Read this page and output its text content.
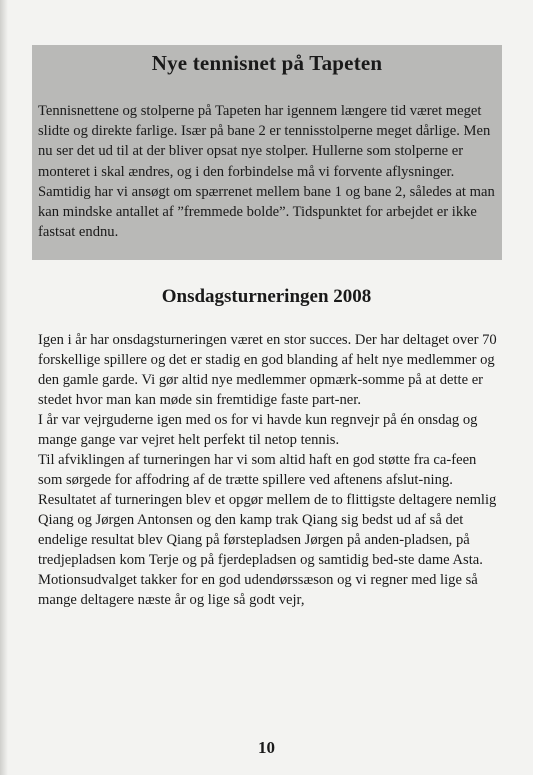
Nye tennisnet på Tapeten
Tennisnettene og stolperne på Tapeten har igennem længere tid været meget slidte og direkte farlige. Især på bane 2 er tennisstolperne meget dårlige. Men nu ser det ud til at der bliver opsat nye stolper. Hullerne som stolperne er monteret i skal ændres, og i den forbindelse må vi forvente aflysninger. Samtidig har vi ansøgt om spærrenet mellem bane 1 og bane 2, således at man kan mindske antallet af ”fremmede bolde”. Tidspunktet for arbejdet er ikke fastsat endnu.
Onsdagsturneringen 2008

Igen i år har onsdagsturneringen været en stor succes. Der har deltaget over 70 forskellige spillere og det er stadig en god blanding af helt nye medlemmer og den gamle garde. Vi gør altid nye medlemmer opmærk-somme på at dette er stedet hvor man kan møde sin fremtidige faste part-ner.

I år var vejrguderne igen med os for vi havde kun regnvejr på én onsdag og mange gange var vejret helt perfekt til netop tennis.

Til afviklingen af turneringen har vi som altid haft en god støtte fra ca-feen som sørgede for affodring af de trætte spillere ved aftenens afslut-ning.

Resultatet af turneringen blev et opgør mellem de to flittigste deltagere nemlig Qiang og Jørgen Antonsen og den kamp trak Qiang sig bedst ud af så det endelige resultat blev Qiang på førstepladsen Jørgen på anden-pladsen, på tredjepladsen kom Terje og på fjerdepladsen og samtidig bed-ste dame Asta.

Motionsudvalget takker for en god udendørssæson og vi regner med lige så mange deltagere næste år og lige så godt vejr,

10
